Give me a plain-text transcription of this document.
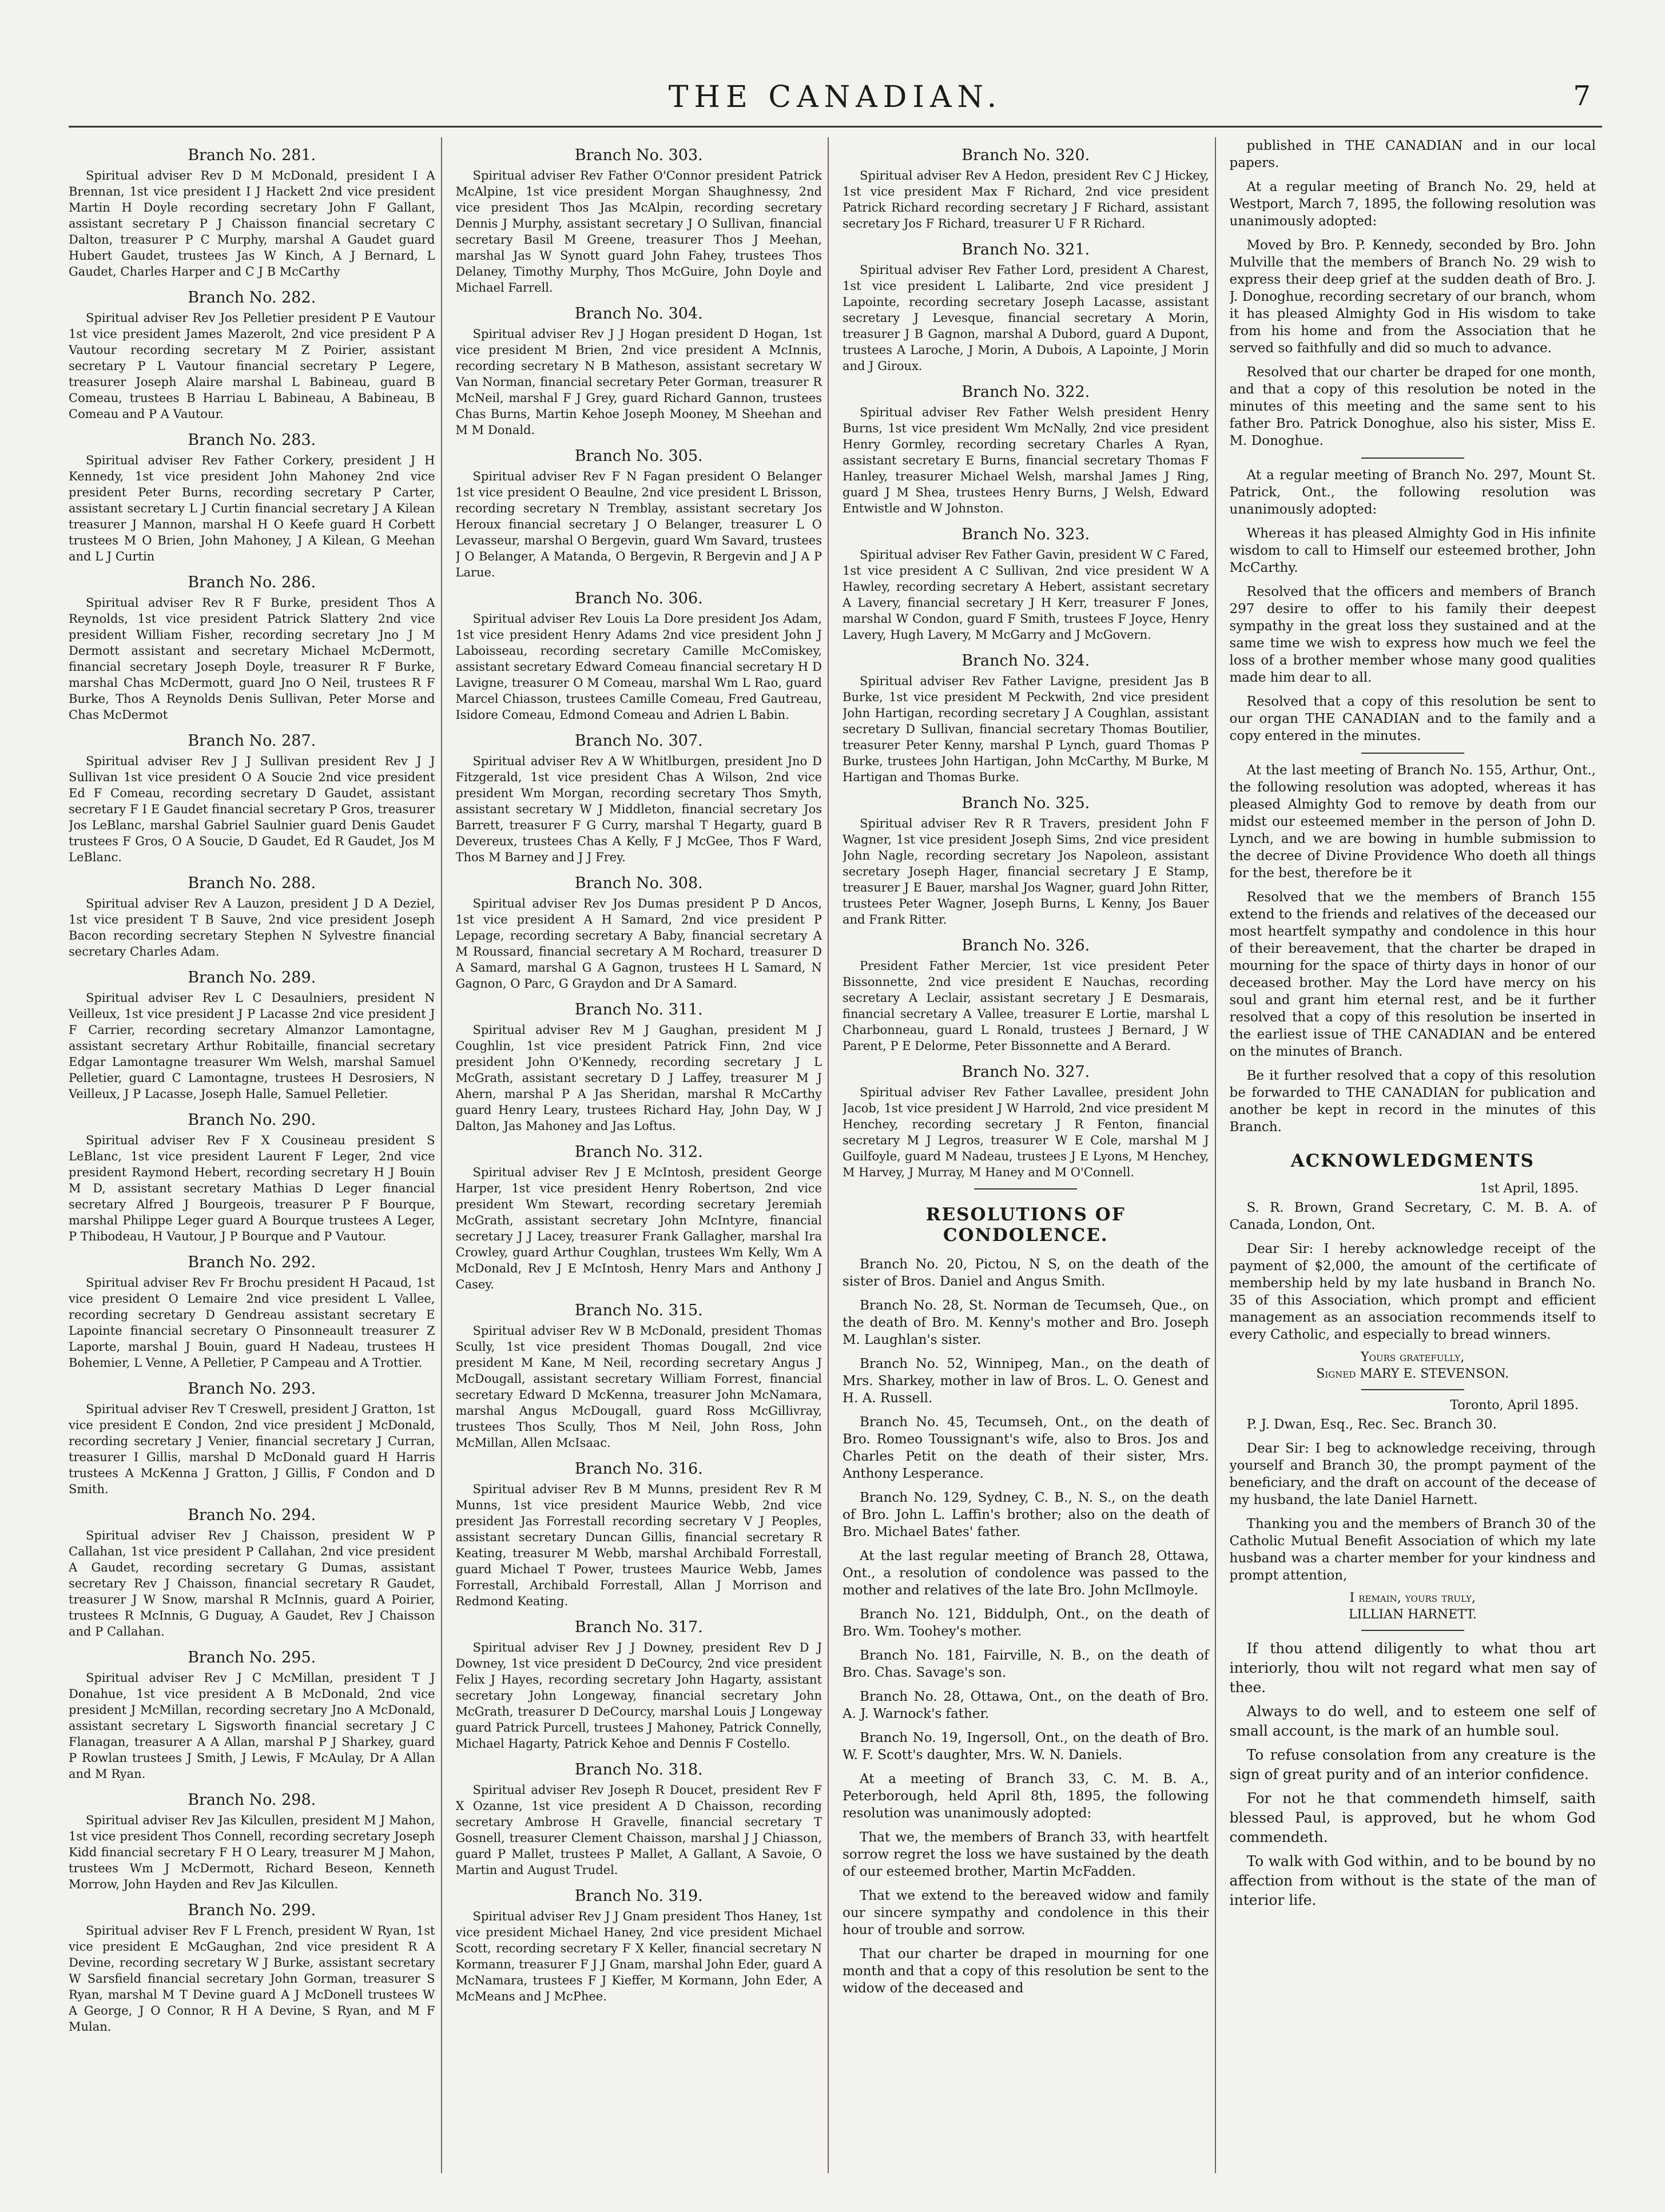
THE CANADIAN.	7
Branch No. 281.
Spiritual adviser Rev D M McDonald, president I A Brennan, 1st vice president I J Hackett 2nd vice president Martin H Doyle recording secretary John F Gallant, assistant secretary P J Chaisson financial secretary C Dalton, treasurer P C Murphy, marshal A Gaudet guard Hubert Gaudet, trustees Jas W Kinch, A J Bernard, L Gaudet, Charles Harper and C J B McCarthy
Branch No. 282.
Spiritual adviser Rev Jos Pelletier president P E Vautour 1st vice president James Mazerolt, 2nd vice president P A Vautour recording secretary M Z Poirier, assistant secretary P L Vautour financial secretary P Legere, treasurer Joseph Alaire marshal L Babineau, guard B Comeau, trustees B Harriau L Babineau, A Babineau, B Comeau and P A Vautour.
Branch No. 283.
Spiritual adviser Rev Father Corkery, president J H Kennedy, 1st vice president John Mahoney 2nd vice president Peter Burns, recording secretary P Carter, assistant secretary L J Curtin financial secretary J A Kilean treasurer J Mannon, marshal H O Keefe guard H Corbett trustees M O Brien, John Mahoney, J A Kilean, G Meehan and L J Curtin
Branch No. 286.
Spiritual adviser Rev R F Burke, president Thos A Reynolds, 1st vice president Patrick Slattery 2nd vice president William Fisher, recording secretary Jno J M Dermott assistant and secretary Michael McDermott, financial secretary Joseph Doyle, treasurer R F Burke, marshal Chas McDermott, guard Jno O Neil, trustees R F Burke, Thos A Reynolds Denis Sullivan, Peter Morse and Chas McDermot
Branch No. 287.
Spiritual adviser Rev J J Sullivan president Rev J J Sullivan 1st vice president O A Soucie 2nd vice president Ed F Comeau, recording secretary D Gaudet, assistant secretary F I E Gaudet financial secretary P Gros, treasurer Jos LeBlanc, marshal Gabriel Saulnier guard Denis Gaudet trustees F Gros, O A Soucie, D Gaudet, Ed R Gaudet, Jos M LeBlanc.
Branch No. 288.
Spiritual adviser Rev A Lauzon, president J D A Deziel, 1st vice president T B Sauve, 2nd vice president Joseph Bacon recording secretary Stephen N Sylvestre financial secretary Charles Adam.
Branch No. 289.
Spiritual adviser Rev L C Desaulniers, president N Veilleux, 1st vice president J P Lacasse 2nd vice president J F Carrier, recording secretary Almanzor Lamontagne, assistant secretary Arthur Robitaille, financial secretary Edgar Lamontagne treasurer Wm Welsh, marshal Samuel Pelletier, guard C Lamontagne, trustees H Desrosiers, N Veilleux, J P Lacasse, Joseph Halle, Samuel Pelletier.
Branch No. 290.
Spiritual adviser Rev F X Cousineau president S LeBlanc, 1st vice president Laurent F Leger, 2nd vice president Raymond Hebert, recording secretary H J Bouin M D, assistant secretary Mathias D Leger financial secretary Alfred J Bourgeois, treasurer P F Bourque, marshal Philippe Leger guard A Bourque trustees A Leger, P Thibodeau, H Vautour, J P Bourque and P Vautour.
Branch No. 292.
Spiritual adviser Rev Fr Brochu president H Pacaud, 1st vice president O Lemaire 2nd vice president L Vallee, recording secretary D Gendreau assistant secretary E Lapointe financial secretary O Pinsonneault treasurer Z Laporte, marshal J Bouin, guard H Nadeau, trustees H Bohemier, L Venne, A Pelletier, P Campeau and A Trottier.
Branch No. 293.
Spiritual adviser Rev T Creswell, president J Gratton, 1st vice president E Condon, 2nd vice president J McDonald, recording secretary J Venier, financial secretary J Curran, treasurer I Gillis, marshal D McDonald guard H Harris trustees A McKenna J Gratton, J Gillis, F Condon and D Smith.
Branch No. 294.
Spiritual adviser Rev J Chaisson, president W P Callahan, 1st vice president P Callahan, 2nd vice president A Gaudet, recording secretary G Dumas, assistant secretary Rev J Chaisson, financial secretary R Gaudet, treasurer J W Snow, marshal R McInnis, guard A Poirier, trustees R McInnis, G Duguay, A Gaudet, Rev J Chaisson and P Callahan.
Branch No. 295.
Spiritual adviser Rev J C McMillan, president T J Donahue, 1st vice president A B McDonald, 2nd vice president J McMillan, recording secretary Jno A McDonald, assistant secretary L Sigsworth financial secretary J C Flanagan, treasurer A A Allan, marshal P J Sharkey, guard P Rowlan trustees J Smith, J Lewis, F McAulay, Dr A Allan and M Ryan.
Branch No. 298.
Spiritual adviser Rev Jas Kilcullen, president M J Mahon, 1st vice president Thos Connell, recording secretary Joseph Kidd financial secretary F H O Leary, treasurer M J Mahon, trustees Wm J McDermott, Richard Beseon, Kenneth Morrow, John Hayden and Rev Jas Kilcullen.
Branch No. 299.
Spiritual adviser Rev F L French, president W Ryan, 1st vice president E McGaughan, 2nd vice president R A Devine, recording secretary W J Burke, assistant secretary W Sarsfield financial secretary John Gorman, treasurer S Ryan, marshal M T Devine guard A J McDonell trustees W A George, J O Connor, R H A Devine, S Ryan, and M F Mulan.
Branch No. 303.
Spiritual adviser Rev Father O'Connor president Patrick McAlpine, 1st vice president Morgan Shaughnessy, 2nd vice president Thos Jas McAlpin, recording secretary Dennis J Murphy, assistant secretary J O Sullivan, financial secretary Basil M Greene, treasurer Thos J Meehan, marshal Jas W Synott guard John Fahey, trustees Thos Delaney, Timothy Murphy, Thos McGuire, John Doyle and Michael Farrell.
Branch No. 304.
Spiritual adviser Rev J J Hogan president D Hogan, 1st vice president M Brien, 2nd vice president A McInnis, recording secretary N B Matheson, assistant secretary W Van Norman, financial secretary Peter Gorman, treasurer R McNeil, marshal F J Grey, guard Richard Gannon, trustees Chas Burns, Martin Kehoe Joseph Mooney, M Sheehan and M M Donald.
Branch No. 305.
Spiritual adviser Rev F N Fagan president O Belanger 1st vice president O Beaulne, 2nd vice president L Brisson, recording secretary N Tremblay, assistant secretary Jos Heroux financial secretary J O Belanger, treasurer L O Levasseur, marshal O Bergevin, guard Wm Savard, trustees J O Belanger, A Matanda, O Bergevin, R Bergevin and J A P Larue.
Branch No. 306.
Spiritual adviser Rev Louis La Dore president Jos Adam, 1st vice president Henry Adams 2nd vice president John J Laboisseau, recording secretary Camille McComiskey, assistant secretary Edward Comeau financial secretary H D Lavigne, treasurer O M Comeau, marshal Wm L Rao, guard Marcel Chiasson, trustees Camille Comeau, Fred Gautreau, Isidore Comeau, Edmond Comeau and Adrien L Babin.
Branch No. 307.
Spiritual adviser Rev A W Whitlburgen, president Jno D Fitzgerald, 1st vice president Chas A Wilson, 2nd vice president Wm Morgan, recording secretary Thos Smyth, assistant secretary W J Middleton, financial secretary Jos Barrett, treasurer F G Curry, marshal T Hegarty, guard B Devereux, trustees Chas A Kelly, F J McGee, Thos F Ward, Thos M Barney and J J Frey.
Branch No. 308.
Spiritual adviser Rev Jos Dumas president P D Ancos, 1st vice president A H Samard, 2nd vice president P Lepage, recording secretary A Baby, financial secretary A M Roussard, financial secretary A M Rochard, treasurer D A Samard, marshal G A Gagnon, trustees H L Samard, N Gagnon, O Parc, G Graydon and Dr A Samard.
Branch No. 311.
Spiritual adviser Rev M J Gaughan, president M J Coughlin, 1st vice president Patrick Finn, 2nd vice president John O'Kennedy, recording secretary J L McGrath, assistant secretary D J Laffey, treasurer M J Ahern, marshal P A Jas Sheridan, marshal R McCarthy guard Henry Leary, trustees Richard Hay, John Day, W J Dalton, Jas Mahoney and Jas Loftus.
Branch No. 312.
Spiritual adviser Rev J E McIntosh, president George Harper, 1st vice president Henry Robertson, 2nd vice president Wm Stewart, recording secretary Jeremiah McGrath, assistant secretary John McIntyre, financial secretary J J Lacey, treasurer Frank Gallagher, marshal Ira Crowley, guard Arthur Coughlan, trustees Wm Kelly, Wm A McDonald, Rev J E McIntosh, Henry Mars and Anthony J Casey.
Branch No. 315.
Spiritual adviser Rev W B McDonald, president Thomas Scully, 1st vice president Thomas Dougall, 2nd vice president M Kane, M Neil, recording secretary Angus J McDougall, assistant secretary William Forrest, financial secretary Edward D McKenna, treasurer John McNamara, marshal Angus McDougall, guard Ross McGillivray, trustees Thos Scully, Thos M Neil, John Ross, John McMillan, Allen McIsaac.
Branch No. 316.
Spiritual adviser Rev B M Munns, president Rev R M Munns, 1st vice president Maurice Webb, 2nd vice president Jas Forrestall recording secretary V J Peoples, assistant secretary Duncan Gillis, financial secretary R Keating, treasurer M Webb, marshal Archibald Forrestall, guard Michael T Power, trustees Maurice Webb, James Forrestall, Archibald Forrestall, Allan J Morrison and Redmond Keating.
Branch No. 317.
Spiritual adviser Rev J J Downey, president Rev D J Downey, 1st vice president D DeCourcy, 2nd vice president Felix J Hayes, recording secretary John Hagarty, assistant secretary John Longeway, financial secretary John McGrath, treasurer D DeCourcy, marshal Louis J Longeway guard Patrick Purcell, trustees J Mahoney, Patrick Connelly, Michael Hagarty, Patrick Kehoe and Dennis F Costello.
Branch No. 318.
Spiritual adviser Rev Joseph R Doucet, president Rev F X Ozanne, 1st vice president A D Chaisson, recording secretary Ambrose H Gravelle, financial secretary T Gosnell, treasurer Clement Chaisson, marshal J J Chiasson, guard P Mallet, trustees P Mallet, A Gallant, A Savoie, O Martin and August Trudel.
Branch No. 319.
Spiritual adviser Rev J J Gnam president Thos Haney, 1st vice president Michael Haney, 2nd vice president Michael Scott, recording secretary F X Keller, financial secretary N Kormann, treasurer F J J Gnam, marshal John Eder, guard A McNamara, trustees F J Kieffer, M Kormann, John Eder, A McMeans and J McPhee.
Branch No. 320.
Spiritual adviser Rev A Hedon, president Rev C J Hickey, 1st vice president Max F Richard, 2nd vice president Patrick Richard recording secretary J F Richard, assistant secretary Jos F Richard, treasurer U F R Richard.
Branch No. 321.
Spiritual adviser Rev Father Lord, president A Charest, 1st vice president L Lalibarte, 2nd vice president J Lapointe, recording secretary Joseph Lacasse, assistant secretary J Levesque, financial secretary A Morin, treasurer J B Gagnon, marshal A Dubord, guard A Dupont, trustees A Laroche, J Morin, A Dubois, A Lapointe, J Morin and J Giroux.
Branch No. 322.
Spiritual adviser Rev Father Welsh president Henry Burns, 1st vice president Wm McNally, 2nd vice president Henry Gormley, recording secretary Charles A Ryan, assistant secretary E Burns, financial secretary Thomas F Hanley, treasurer Michael Welsh, marshal James J Ring, guard J M Shea, trustees Henry Burns, J Welsh, Edward Entwistle and W Johnston.
Branch No. 323.
Spiritual adviser Rev Father Gavin, president W C Fared, 1st vice president A C Sullivan, 2nd vice president W A Hawley, recording secretary A Hebert, assistant secretary A Lavery, financial secretary J H Kerr, treasurer F Jones, marshal W Condon, guard F Smith, trustees F Joyce, Henry Lavery, Hugh Lavery, M McGarry and J McGovern.
Branch No. 324.
Spiritual adviser Rev Father Lavigne, president Jas B Burke, 1st vice president M Peckwith, 2nd vice president John Hartigan, recording secretary J A Coughlan, assistant secretary D Sullivan, financial secretary Thomas Boutilier, treasurer Peter Kenny, marshal P Lynch, guard Thomas P Burke, trustees John Hartigan, John McCarthy, M Burke, M Hartigan and Thomas Burke.
Branch No. 325.
Spiritual adviser Rev R R Travers, president John F Wagner, 1st vice president Joseph Sims, 2nd vice president John Nagle, recording secretary Jos Napoleon, assistant secretary Joseph Hager, financial secretary J E Stamp, treasurer J E Bauer, marshal Jos Wagner, guard John Ritter, trustees Peter Wagner, Joseph Burns, L Kenny, Jos Bauer and Frank Ritter.
Branch No. 326.
President Father Mercier, 1st vice president Peter Bissonnette, 2nd vice president E Nauchas, recording secretary A Leclair, assistant secretary J E Desmarais, financial secretary A Vallee, treasurer E Lortie, marshal L Charbonneau, guard L Ronald, trustees J Bernard, J W Parent, P E Delorme, Peter Bissonnette and A Berard.
Branch No. 327.
Spiritual adviser Rev Father Lavallee, president John Jacob, 1st vice president J W Harrold, 2nd vice president M Henchey, recording secretary J R Fenton, financial secretary M J Legros, treasurer W E Cole, marshal M J Guilfoyle, guard M Nadeau, trustees J E Lyons, M Henchey, M Harvey, J Murray, M Haney and M O'Connell.
RESOLUTIONS OF CONDOLENCE.
Branch No. 20, Pictou, N S, on the death of the sister of Bros. Daniel and Angus Smith.
Branch No. 28, St. Norman de Tecumseh, Que., on the death of Bro. M. Kenny's mother and Bro. Joseph M. Laughlan's sister.
Branch No. 52, Winnipeg, Man., on the death of Mrs. Sharkey, mother in law of Bros. L. O. Genest and H. A. Russell.
Branch No. 45, Tecumseh, Ont., on the death of Bro. Romeo Toussignant's wife, also to Bros. Jos and Charles Petit on the death of their sister, Mrs. Anthony Lesperance.
Branch No. 129, Sydney, C. B., N. S., on the death of Bro. John L. Laffin's brother; also on the death of Bro. Michael Bates' father.
At the last regular meeting of Branch 28, Ottawa, Ont., a resolution of condolence was passed to the mother and relatives of the late Bro. John McIlmoyle.
Branch No. 121, Biddulph, Ont., on the death of Bro. Wm. Toohey's mother.
Branch No. 181, Fairville, N. B., on the death of Bro. Chas. Savage's son.
Branch No. 28, Ottawa, Ont., on the death of Bro. A. J. Warnock's father.
Branch No. 19, Ingersoll, Ont., on the death of Bro. W. F. Scott's daughter, Mrs. W. N. Daniels.
At a meeting of Branch 33, C. M. B. A., Peterborough, held April 8th, 1895, the following resolution was unanimously adopted:
That we, the members of Branch 33, with heartfelt sorrow regret the loss we have sustained by the death of our esteemed brother, Martin McFadden.
That we extend to the bereaved widow and family our sincere sympathy and condolence in this their hour of trouble and sorrow.
That our charter be draped in mourning for one month and that a copy of this resolution be sent to the widow of the deceased and
published in THE CANADIAN and in our local papers.
At a regular meeting of Branch No. 29, held at Westport, March 7, 1895, the following resolution was unanimously adopted:
Moved by Bro. P. Kennedy, seconded by Bro. John Mulville that the members of Branch No. 29 wish to express their deep grief at the sudden death of Bro. J. J. Donoghue, recording secretary of our branch, whom it has pleased Almighty God in His wisdom to take from his home and from the Association that he served so faithfully and did so much to advance.
Resolved that our charter be draped for one month, and that a copy of this resolution be noted in the minutes of this meeting and the same sent to his father Bro. Patrick Donoghue, also his sister, Miss E. M. Donoghue.
At a regular meeting of Branch No. 297, Mount St. Patrick, Ont., the following resolution was unanimously adopted:
Whereas it has pleased Almighty God in His infinite wisdom to call to Himself our esteemed brother, John McCarthy.
Resolved that the officers and members of Branch 297 desire to offer to his family their deepest sympathy in the great loss they sustained and at the same time we wish to express how much we feel the loss of a brother member whose many good qualities made him dear to all.
Resolved that a copy of this resolution be sent to our organ THE CANADIAN and to the family and a copy entered in the minutes.
At the last meeting of Branch No. 155, Arthur, Ont., the following resolution was adopted, whereas it has pleased Almighty God to remove by death from our midst our esteemed member in the person of John D. Lynch, and we are bowing in humble submission to the decree of Divine Providence Who doeth all things for the best, therefore be it
Resolved that we the members of Branch 155 extend to the friends and relatives of the deceased our most heartfelt sympathy and condolence in this hour of their bereavement, that the charter be draped in mourning for the space of thirty days in honor of our deceased brother. May the Lord have mercy on his soul and grant him eternal rest, and be it further resolved that a copy of this resolution be inserted in the earliest issue of THE CANADIAN and be entered on the minutes of Branch.
Be it further resolved that a copy of this resolution be forwarded to THE CANADIAN for publication and another be kept in record in the minutes of this Branch.
ACKNOWLEDGMENTS
1st April, 1895.
S. R. Brown, Grand Secretary, C. M. B. A. of Canada, London, Ont.
Dear Sir: I hereby acknowledge receipt of the payment of $2,000, the amount of the certificate of membership held by my late husband in Branch No. 35 of this Association, which prompt and efficient management as an association recommends itself to every Catholic, and especially to bread winners.
Yours gratefully,
Signed MARY E. STEVENSON.
Toronto, April 1895.
P. J. Dwan, Esq., Rec. Sec. Branch 30.
Dear Sir: I beg to acknowledge receiving, through yourself and Branch 30, the prompt payment of the beneficiary, and the draft on account of the decease of my husband, the late Daniel Harnett.
Thanking you and the members of Branch 30 of the Catholic Mutual Benefit Association of which my late husband was a charter member for your kindness and prompt attention,
I remain, yours truly,
LILLIAN HARNETT.
If thou attend diligently to what thou art interiorly, thou wilt not regard what men say of thee.
Always to do well, and to esteem one self of small account, is the mark of an humble soul.
To refuse consolation from any creature is the sign of great purity and of an interior confidence.
For not he that commendeth himself, saith blessed Paul, is approved, but he whom God commendeth.
To walk with God within, and to be bound by no affection from without is the state of the man of interior life.
